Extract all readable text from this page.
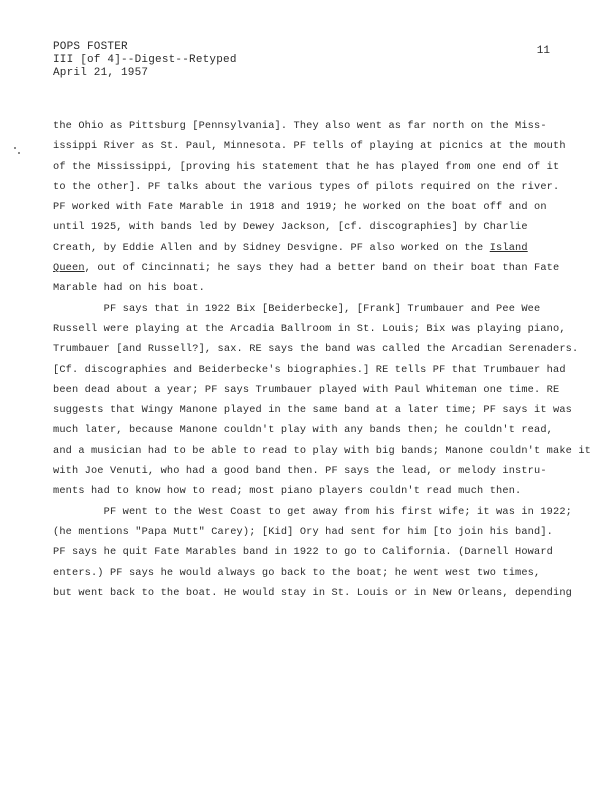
POPS FOSTER
III [of 4]--Digest--Retyped
April 21, 1957
11
the Ohio as Pittsburg [Pennsylvania]. They also went as far north on the Miss-
issippi River as St. Paul, Minnesota. PF tells of playing at picnics at the mouth
of the Mississippi, [proving his statement that he has played from one end of it
to the other]. PF talks about the various types of pilots required on the river.
PF worked with Fate Marable in 1918 and 1919; he worked on the boat off and on
until 1925, with bands led by Dewey Jackson, [cf. discographies] by Charlie
Creath, by Eddie Allen and by Sidney Desvigne. PF also worked on the Island
Queen, out of Cincinnati; he says they had a better band on their boat than Fate
Marable had on his boat.
PF says that in 1922 Bix [Beiderbecke], [Frank] Trumbauer and Pee Wee
Russell were playing at the Arcadia Ballroom in St. Louis; Bix was playing piano,
Trumbauer [and Russell?], sax. RE says the band was called the Arcadian Serenaders.
[Cf. discographies and Beiderbecke's biographies.] RE tells PF that Trumbauer had
been dead about a year; PF says Trumbauer played with Paul Whiteman one time. RE
suggests that Wingy Manone played in the same band at a later time; PF says it was
much later, because Manone couldn't play with any bands then; he couldn't read,
and a musician had to be able to read to play with big bands; Manone couldn't make it
with Joe Venuti, who had a good band then. PF says the lead, or melody instru-
ments had to know how to read; most piano players couldn't read much then.
PF went to the West Coast to get away from his first wife; it was in 1922;
(he mentions "Papa Mutt" Carey); [Kid] Ory had sent for him [to join his band].
PF says he quit Fate Marables band in 1922 to go to California. (Darnell Howard
enters.) PF says he would always go back to the boat; he went west two times,
but went back to the boat. He would stay in St. Louis or in New Orleans, depending
